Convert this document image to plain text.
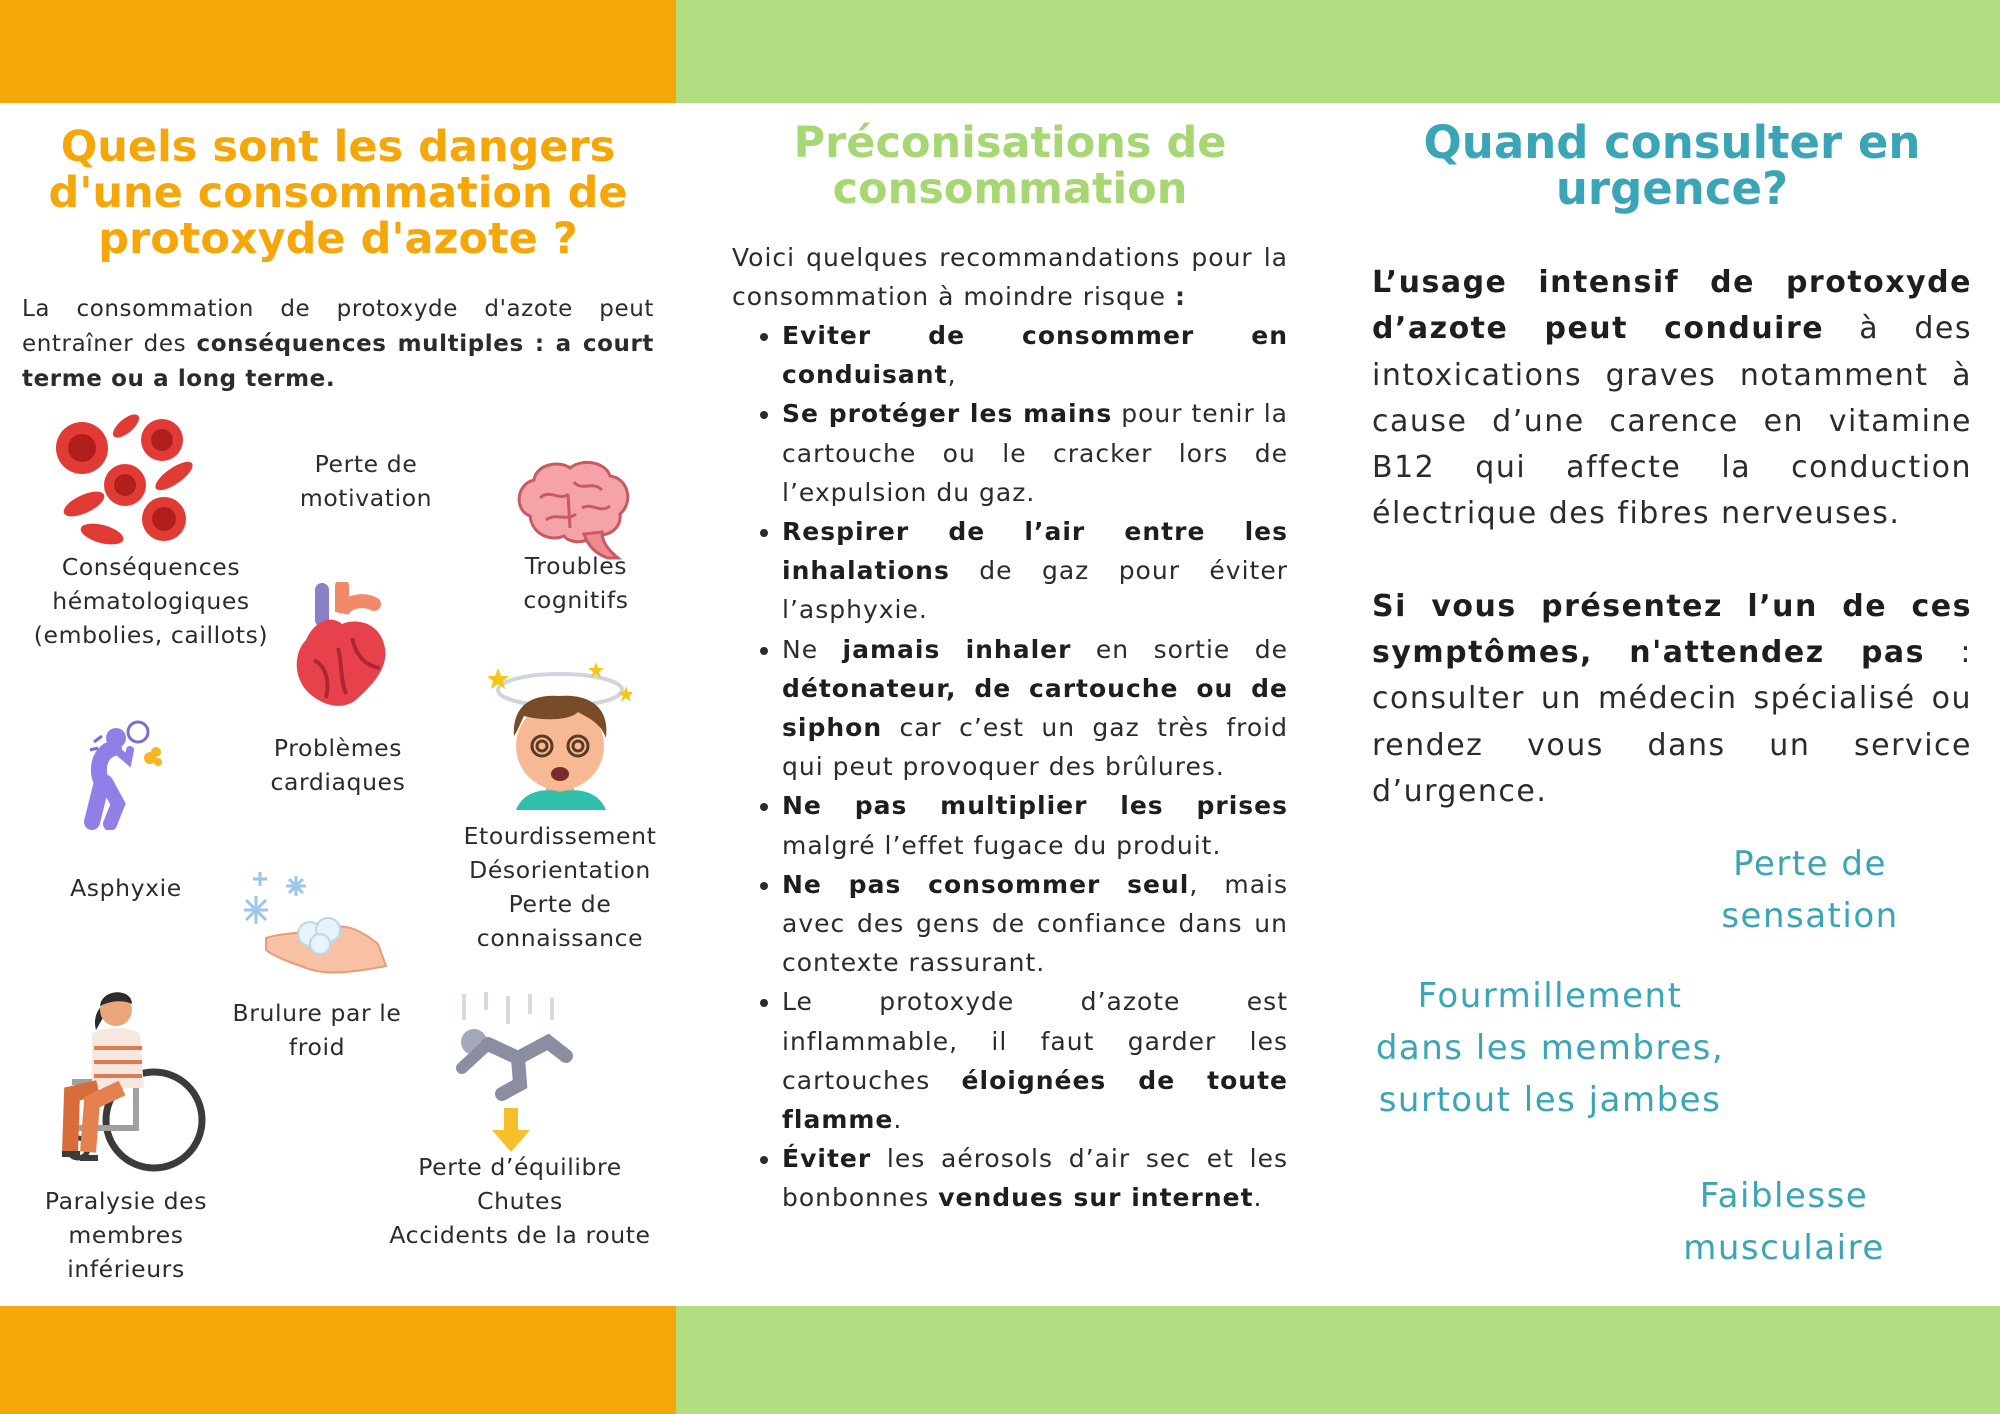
Quels sont les dangers d'une consommation de protoxyde d'azote ?

La consommation de protoxyde d'azote peut entraîner des conséquences multiples : a court terme ou a long terme.

Conséquences
hématologiques
(embolies, caillots)
Perte de
motivation
Troubles
cognitifs
Problèmes
cardiaques
Etourdissement
Désorientation
Perte de
connaissance
Asphyxie
Brulure par le
froid
Paralysie des
membres
inférieurs
Perte d’équilibre
Chutes
Accidents de la route
Préconisations de consommation

Voici quelques recommandations pour la consommation à moindre risque :

• Eviter de consommer en conduisant,
• Se protéger les mains pour tenir la cartouche ou le cracker lors de l’expulsion du gaz.
• Respirer de l’air entre les inhalations de gaz pour éviter l’asphyxie.
• Ne jamais inhaler en sortie de détonateur, de cartouche ou de siphon car c’est un gaz très froid qui peut provoquer des brûlures.
• Ne pas multiplier les prises malgré l’effet fugace du produit.
• Ne pas consommer seul, mais avec des gens de confiance dans un contexte rassurant.
• Le protoxyde d’azote est inflammable, il faut garder les cartouches éloignées de toute flamme.
• Éviter les aérosols d’air sec et les bonbonnes vendues sur internet.
Quand consulter en urgence?

L’usage intensif de protoxyde d’azote peut conduire à des intoxications graves notamment à cause d’une carence en vitamine B12 qui affecte la conduction électrique des fibres nerveuses.

Si vous présentez l’un de ces symptômes, n'attendez pas : consulter un médecin spécialisé ou rendez vous dans un service d’urgence.

Perte de
sensation
Fourmillement
dans les membres,
surtout les jambes
Faiblesse
musculaire
